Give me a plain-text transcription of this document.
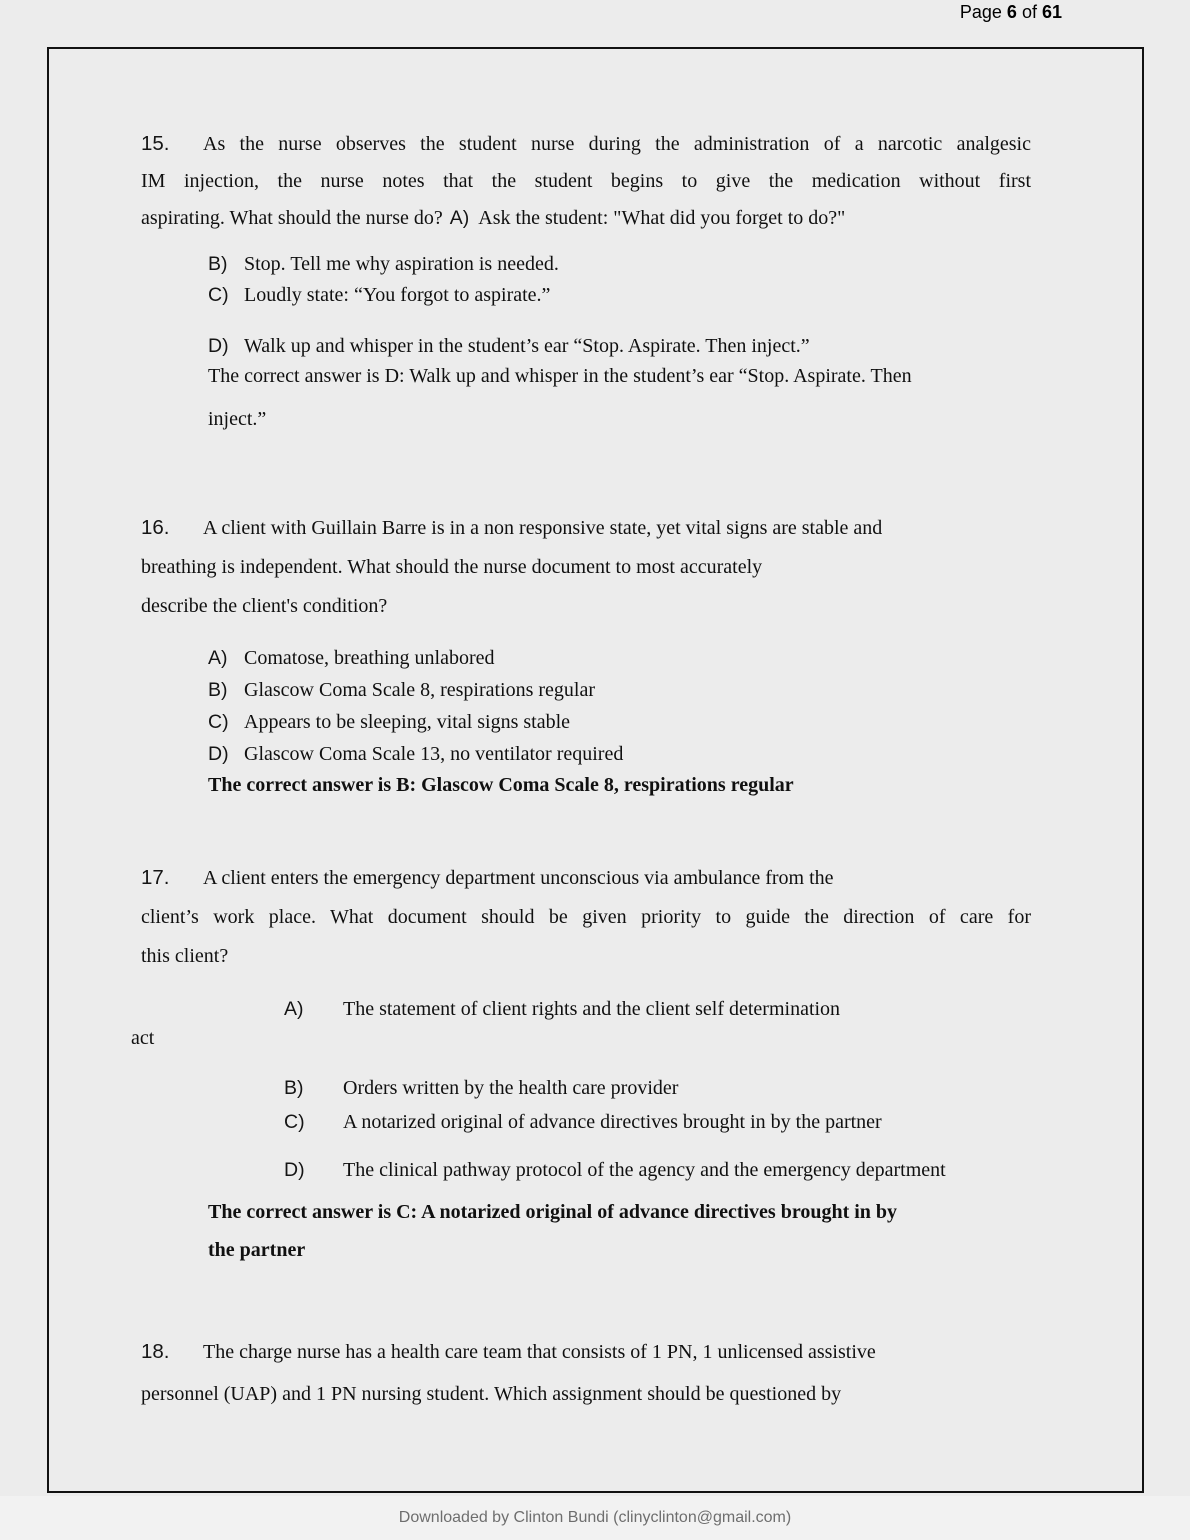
Page 6 of 61
15. As the nurse observes the student nurse during the administration of a narcotic analgesic
IM injection, the nurse notes that the student begins to give the medication without first
aspirating. What should the nurse do? A) Ask the student: "What did you forget to do?"
B) Stop. Tell me why aspiration is needed.
C) Loudly state: “You forgot to aspirate.”
D) Walk up and whisper in the student’s ear “Stop. Aspirate. Then inject.”
The correct answer is D: Walk up and whisper in the student’s ear “Stop. Aspirate. Then
inject.”
16. A client with Guillain Barre is in a non responsive state, yet vital signs are stable and
breathing is independent. What should the nurse document to most accurately
describe the client's condition?
A) Comatose, breathing unlabored
B) Glascow Coma Scale 8, respirations regular
C) Appears to be sleeping, vital signs stable
D) Glascow Coma Scale 13, no ventilator required
The correct answer is B: Glascow Coma Scale 8, respirations regular
17. A client enters the emergency department unconscious via ambulance from the
client’s work place. What document should be given priority to guide the direction of care for
this client?
A) The statement of client rights and the client self determination
act
B) Orders written by the health care provider
C) A notarized original of advance directives brought in by the partner
D) The clinical pathway protocol of the agency and the emergency department
The correct answer is C: A notarized original of advance directives brought in by
the partner
18. The charge nurse has a health care team that consists of 1 PN, 1 unlicensed assistive
personnel (UAP) and 1 PN nursing student. Which assignment should be questioned by
Downloaded by Clinton Bundi (clinyclinton@gmail.com)
